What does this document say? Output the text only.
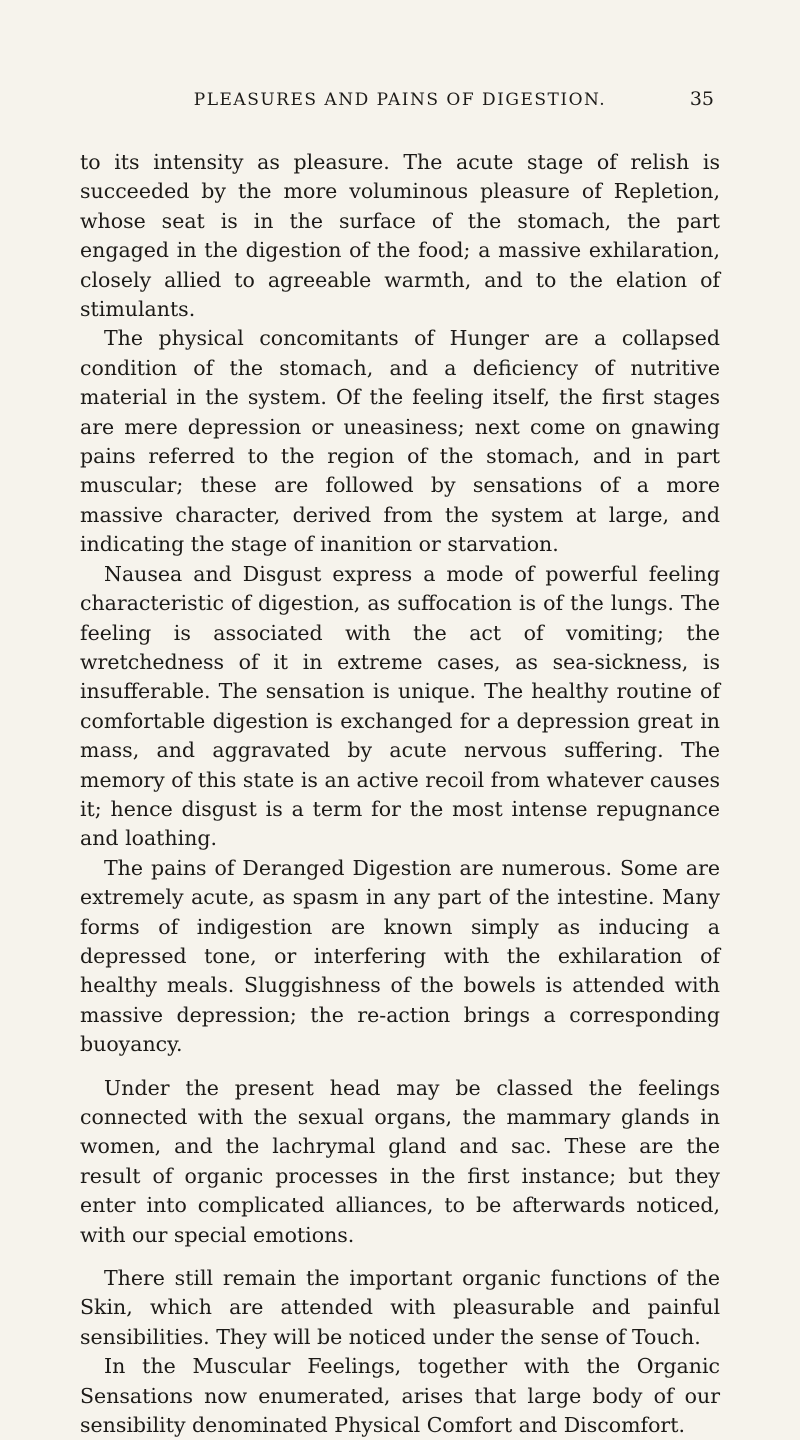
PLEASURES AND PAINS OF DIGESTION.	35

to its intensity as pleasure. The acute stage of relish is succeeded by the more voluminous pleasure of Repletion, whose seat is in the surface of the stomach, the part engaged in the digestion of the food; a massive exhilaration, closely allied to agreeable warmth, and to the elation of stimulants.

The physical concomitants of Hunger are a collapsed condition of the stomach, and a deficiency of nutritive material in the system. Of the feeling itself, the first stages are mere depression or uneasiness; next come on gnawing pains referred to the region of the stomach, and in part muscular; these are followed by sensations of a more massive character, derived from the system at large, and indicating the stage of inanition or starvation.

Nausea and Disgust express a mode of powerful feeling characteristic of digestion, as suffocation is of the lungs. The feeling is associated with the act of vomiting; the wretchedness of it in extreme cases, as sea-sickness, is insufferable. The sensation is unique. The healthy routine of comfortable digestion is exchanged for a depression great in mass, and aggravated by acute nervous suffering. The memory of this state is an active recoil from whatever causes it; hence disgust is a term for the most intense repugnance and loathing.

The pains of Deranged Digestion are numerous. Some are extremely acute, as spasm in any part of the intestine. Many forms of indigestion are known simply as inducing a depressed tone, or interfering with the exhilaration of healthy meals. Sluggishness of the bowels is attended with massive depression; the re-action brings a corresponding buoyancy.

Under the present head may be classed the feelings connected with the sexual organs, the mammary glands in women, and the lachrymal gland and sac. These are the result of organic processes in the first instance; but they enter into complicated alliances, to be afterwards noticed, with our special emotions.

There still remain the important organic functions of the Skin, which are attended with pleasurable and painful sensibilities. They will be noticed under the sense of Touch.

In the Muscular Feelings, together with the Organic Sensations now enumerated, arises that large body of our sensibility denominated Physical Comfort and Discomfort.
